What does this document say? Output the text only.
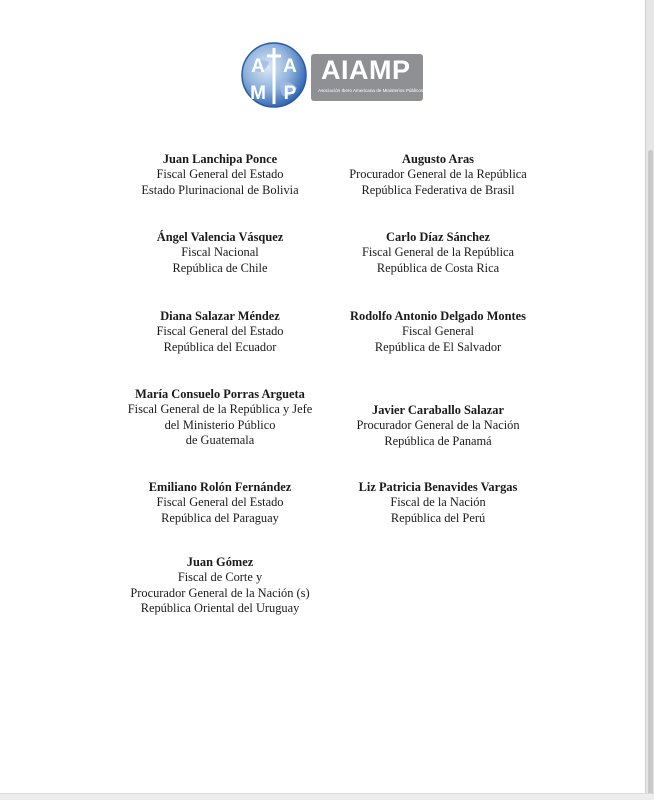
A A
M P
AIAMP
Asociación Ibero Americana de Ministerios Públicos
Juan Lanchipa Ponce
Fiscal General del Estado
Estado Plurinacional de Bolivia
Augusto Aras
Procurador General de la República
República Federativa de Brasil
Ángel Valencia Vásquez
Fiscal Nacional
República de Chile
Carlo Díaz Sánchez
Fiscal General de la República
República de Costa Rica
Diana Salazar Méndez
Fiscal General del Estado
República del Ecuador
Rodolfo Antonio Delgado Montes
Fiscal General
República de El Salvador
María Consuelo Porras Argueta
Fiscal General de la República y Jefe
del Ministerio Público
de Guatemala
Javier Caraballo Salazar
Procurador General de la Nación
República de Panamá
Emiliano Rolón Fernández
Fiscal General del Estado
República del Paraguay
Liz Patricia Benavides Vargas
Fiscal de la Nación
República del Perú
Juan Gómez
Fiscal de Corte y
Procurador General de la Nación (s)
República Oriental del Uruguay
